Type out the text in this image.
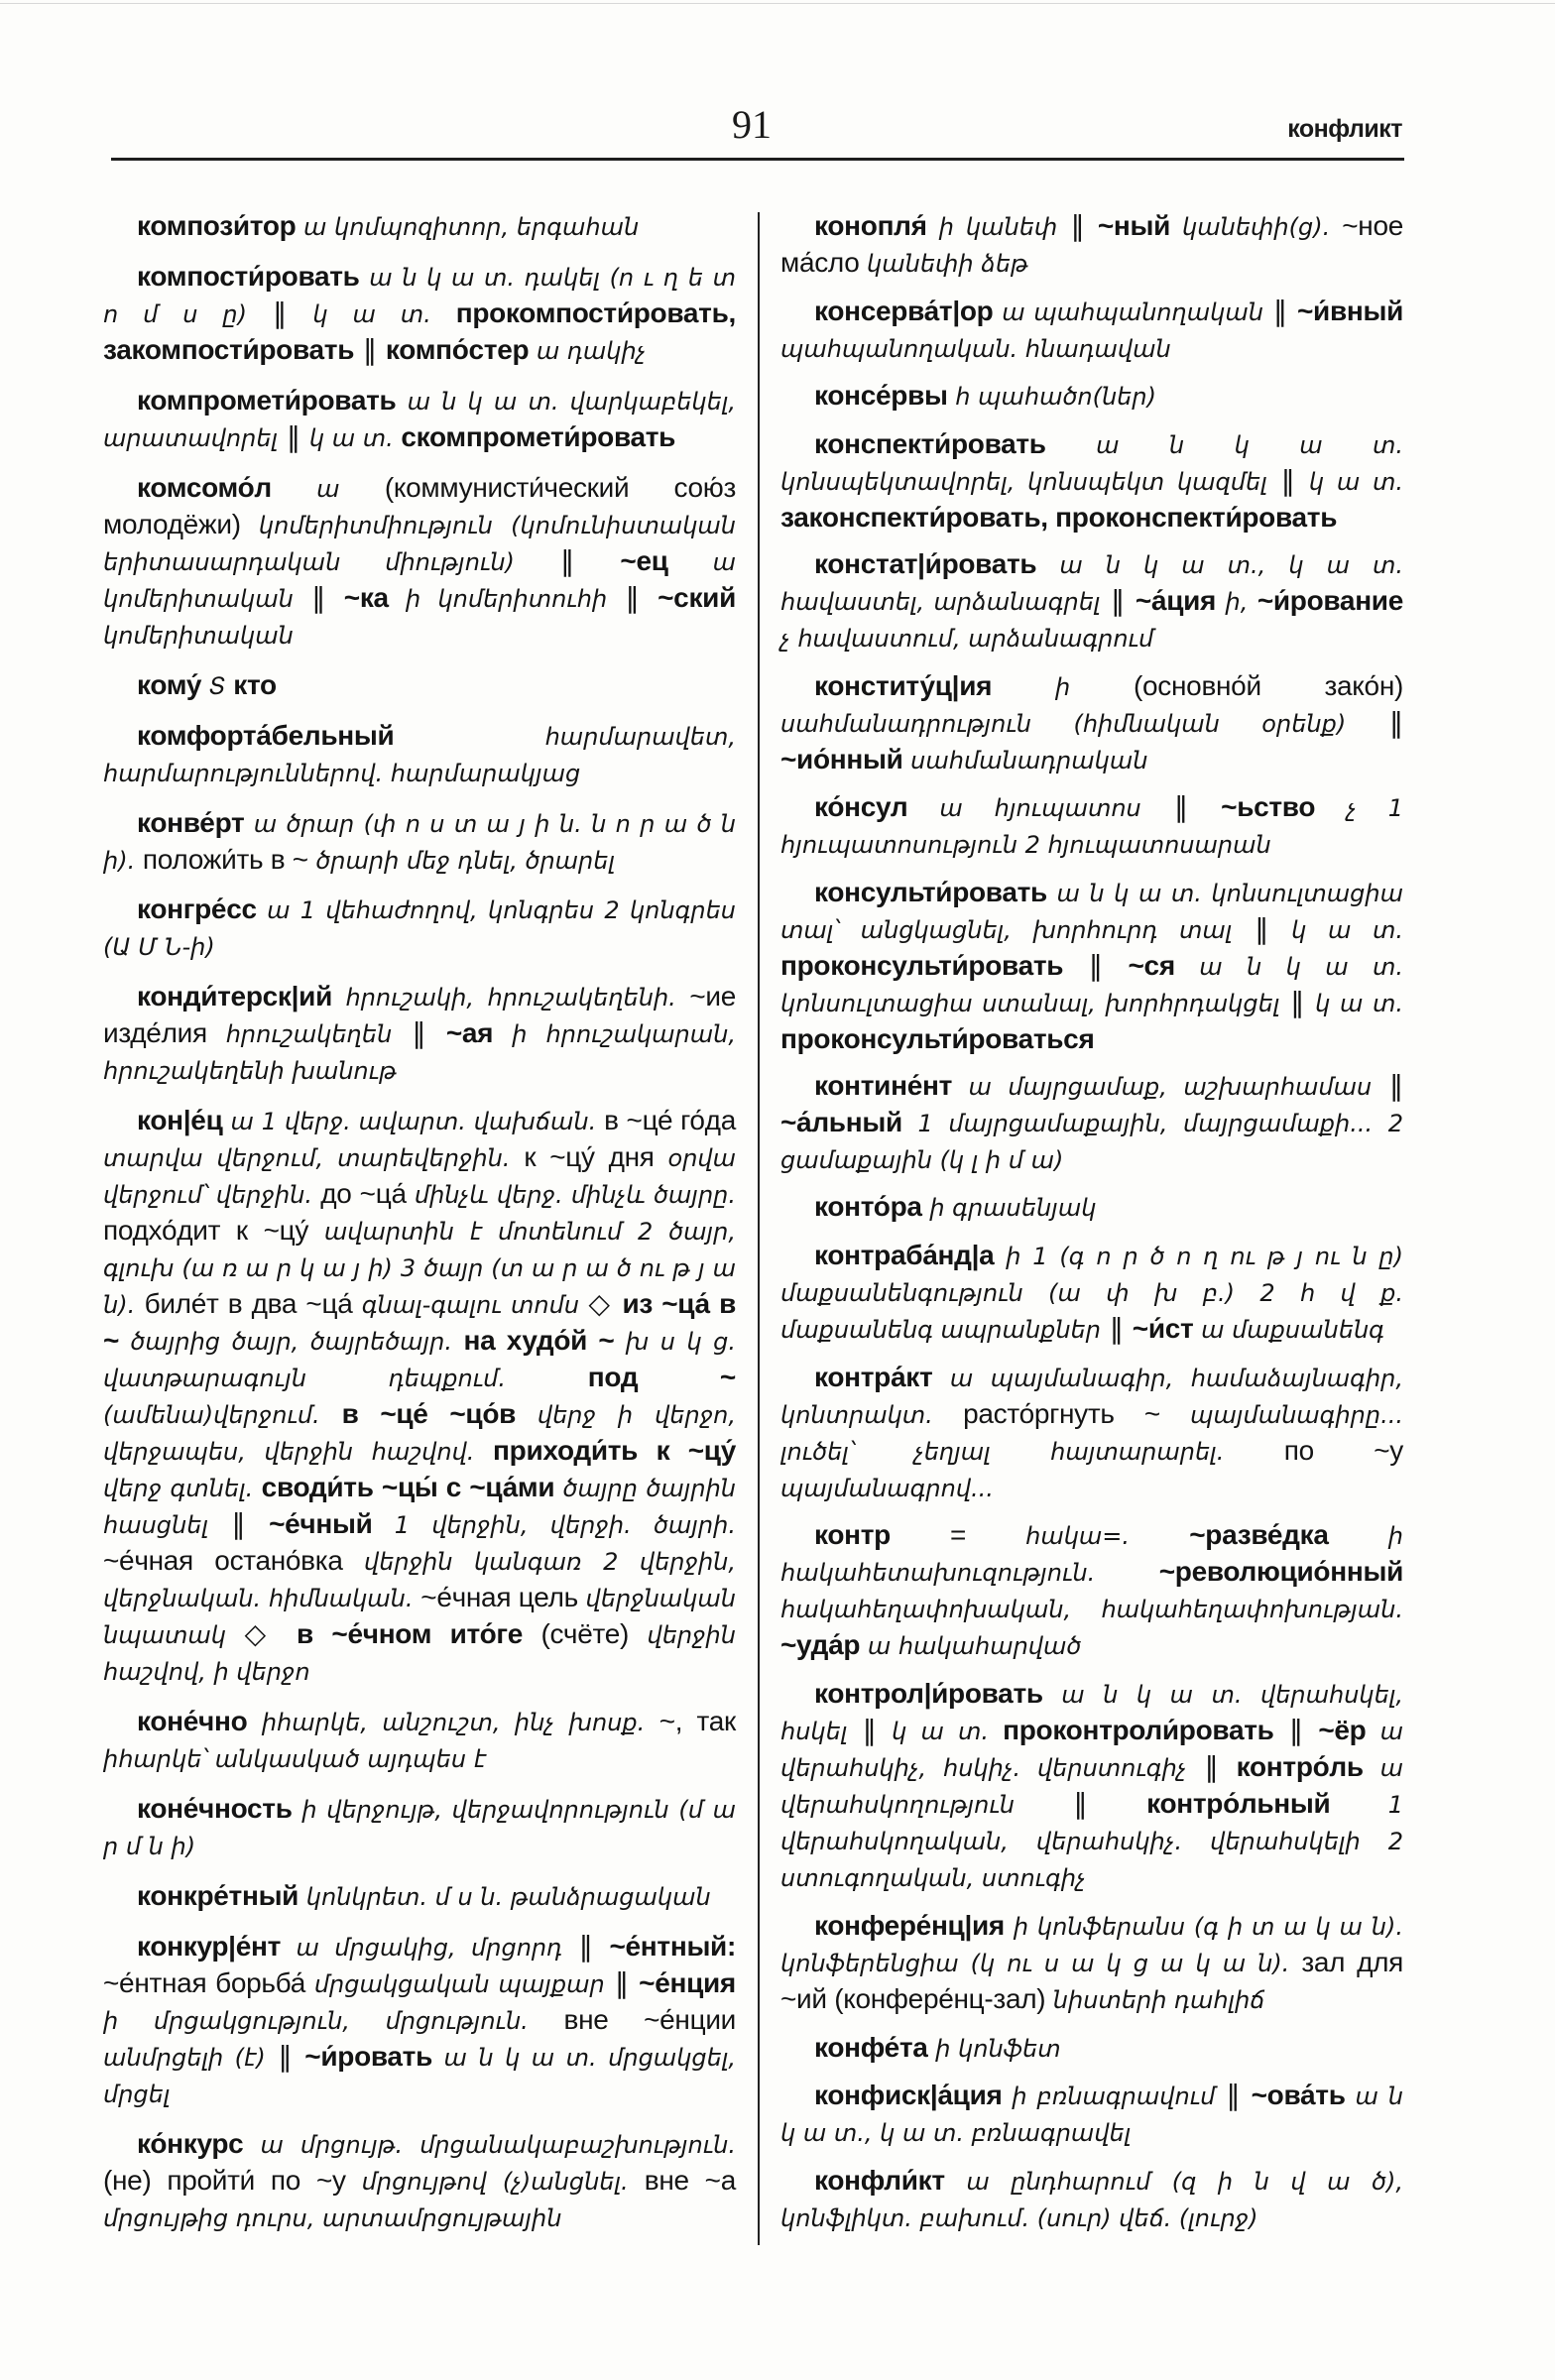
91	конфликт

компози́тор ա կոմպոզիտոր, երգահան

компости́ровать ա ն կ ա տ. դակել (ո ւ ղ ե տ ո մ ս ը) ‖ կ ա տ. прокомпости́ровать, закомпости́ровать ‖ компо́стер ա դակիչ

компромети́ровать ա ն կ ա տ. վարկաբեկել, արատավորել ‖ կ ա տ. скомпромети́ровать

комсомо́л ա (коммунисти́ческий сою́з молодёжи) կոմերիտմիություն (կոմունիստական երիտասարդական միություն) ‖ ~ец ա կոմերիտական ‖ ~ка ի կոմերիտուհի ‖ ~ский կոմերիտական

кому́ Տ кто

комфорта́бельный հարմարավետ, հարմարություններով. հարմարակյաց

конве́рт ա ծրար (փ ո ս տ ա յ ի ն. ն ո ր ա ծ ն ի). положи́ть в ~ ծրարի մեջ դնել, ծրարել

конгре́сс ա 1 վեհաժողով, կոնգրես 2 կոնգրես (Ա Մ Ն-ի)

конди́терск|ий հրուշակի, հրուշակեղենի. ~ие изде́лия հրուշակեղեն ‖ ~ая ի հրուշակարան, հրուշակեղենի խանութ

кон|е́ц ա 1 վերջ. ավարտ. վախճան. в ~це́ го́да տարվա վերջում, տարեվերջին. к ~цу́ дня օրվա վերջում՝ վերջին. до ~ца́ մինչև վերջ. մինչև ծայրը. подхо́дит к ~цу́ ավարտին է մոտենում 2 ծայր, գլուխ (ա ռ ա ր կ ա յ ի) 3 ծայր (տ ա ր ա ծ ու թ յ ա ն). биле́т в два ~ца́ գնալ-գալու տոմս ◇ из ~ца́ в ~ ծայրից ծայր, ծայրեծայր. на худо́й ~ խ ս կ ց. վատթարագույն դեպքում. под ~ (ամենա)վերջում. в ~це́ ~цо́в վերջ ի վերջո, վերջապես, վերջին հաշվով. приходи́ть к ~цу́ վերջ գտնել. своди́ть ~цы́ с ~ца́ми ծայրը ծայրին հասցնել ‖ ~е́чный 1 վերջին, վերջի. ծայրի. ~е́чная остано́вка վերջին կանգառ 2 վերջին, վերջնական. հիմնական. ~е́чная цель վերջնական նպատակ ◇ в ~е́чном ито́ге (счёте) վերջին հաշվով, ի վերջո

коне́чно իհարկե, անշուշտ, ինչ խոսք. ~, так իհարկե՝ անկասկած այդպես է

коне́чность ի վերջույթ, վերջավորություն (մ ա ր մ ն ի)

конкре́тный կոնկրետ. մ ս ն. թանձրացական

конкур|е́нт ա մրցակից, մրցորդ ‖ ~е́нтный: ~е́нтная борьба́ մրցակցական պայքար ‖ ~е́нция ի մրցակցություն, մրցություն. вне ~е́нции անմրցելի (է) ‖ ~и́ровать ա ն կ ա տ. մրցակցել, մրցել

ко́нкурс ա մրցույթ. մրցանակաբաշխություն. (не) пройти́ по ~у մրցույթով (չ)անցնել. вне ~а մրցույթից դուրս, արտամրցույթային

конопля́ ի կանեփ ‖ ~ный կանեփի(ց). ~ное ма́сло կանեփի ձեթ

консерва́т|ор ա պահպանողական ‖ ~и́вный պահպանողական. հնադավան

консе́рвы հ պահածո(ներ)

конспекти́ровать ա ն կ ա տ. կոնսպեկտավորել, կոնսպեկտ կազմել ‖ կ ա տ. законспекти́ровать, проконспекти́ровать

констат|и́ровать ա ն կ ա տ., կ ա տ. հավաստել, արձանագրել ‖ ~а́ция ի, ~и́рование չ հավաստում, արձանագրում

конститу́ц|ия ի (основно́й зако́н) սահմանադրություն (հիմնական օրենք) ‖ ~ио́нный սահմանադրական

ко́нсул ա հյուպատոս ‖ ~ьство չ 1 հյուպատոսություն 2 հյուպատոսարան

консульти́ровать ա ն կ ա տ. կոնսուլտացիա տալ՝ անցկացնել, խորհուրդ տալ ‖ կ ա տ. проконсульти́ровать ‖ ~ся ա ն կ ա տ. կոնսուլտացիա ստանալ, խորհրդակցել ‖ կ ա տ. проконсульти́роваться

контине́нт ա մայրցամաք, աշխարհամաս ‖ ~а́льный 1 մայրցամաքային, մայրցամաքի... 2 ցամաքային (կ լ ի մ ա)

конто́ра ի գրասենյակ

контраба́нд|а ի 1 (գ ո ր ծ ո ղ ու թ յ ու ն ը) մաքսանենգություն (ա փ խ բ.) 2 հ վ ք. մաքսանենգ ապրանքներ ‖ ~и́ст ա մաքսանենգ

контра́кт ա պայմանագիր, համաձայնագիր, կոնտրակտ. расто́ргнуть ~ պայմանագիրը... լուծել՝ չեղյալ հայտարարել. по ~у պայմանագրով...

контр = հակա=. ~разве́дка ի հակահետախուզություն. ~революцио́нный հակահեղափոխական, հակահեղափոխության. ~уда́р ա հակահարված

контрол|и́ровать ա ն կ ա տ. վերահսկել, հսկել ‖ կ ա տ. проконтроли́ровать ‖ ~ёр ա վերահսկիչ, հսկիչ. վերստուգիչ ‖ контро́ль ա վերահսկողություն ‖ контро́льный 1 վերահսկողական, վերահսկիչ. վերահսկելի 2 ստուգողական, ստուգիչ

конфере́нц|ия ի կոնֆերանս (գ ի տ ա կ ա ն). կոնֆերենցիա (կ ու ս ա կ ց ա կ ա ն). зал для ~ий (конфере́нц-зал) նիստերի դահլիճ

конфе́та ի կոնֆետ

конфиск|а́ция ի բռնագրավում ‖ ~ова́ть ա ն կ ա տ., կ ա տ. բռնագրավել

конфли́кт ա ընդհարում (զ ի ն վ ա ծ), կոնֆլիկտ. բախում. (սուր) վեճ. (լուրջ)
